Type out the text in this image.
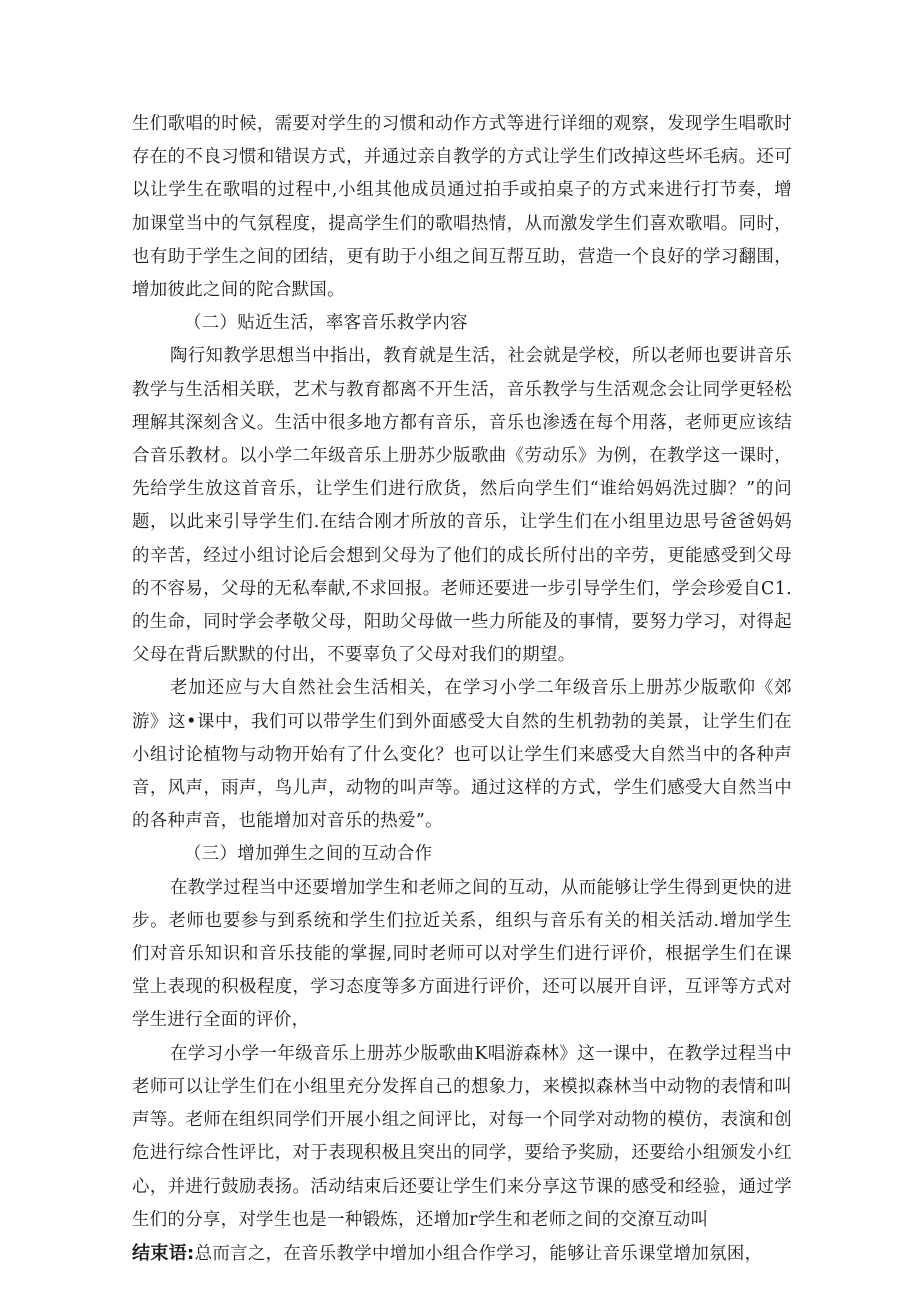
生们歌唱的时候，需要对学生的习惯和动作方式等进行详细的观察，发现学生唱歌时存在的不良习惯和错误方式，并通过亲自教学的方式让学生们改掉这些坏毛病。还可以让学生在歌唱的过程中,小组其他成员通过拍手或拍桌子的方式来进行打节奏，增加课堂当中的气氛程度，提高学生们的歌唱热情，从而激发学生们喜欢歌唱。同时，也有助于学生之间的团结，更有助于小组之间互帮互助，营造一个良好的学习翻围，增加彼此之间的陀合默国。

（二）贴近生活，率客音乐救学内容

陶行知教学思想当中指出，教育就是生活，社会就是学校，所以老师也要讲音乐教学与生活相关联，艺术与教育都离不开生活，音乐教学与生活观念会让同学更轻松理解其深刻含义。生活中很多地方都有音乐，音乐也渗透在每个用落，老师更应该结合音乐教材。以小学二年级音乐上册苏少版歌曲《劳动乐》为例，在教学这一课时，先给学生放这首音乐，让学生们进行欣货，然后向学生们“谁给妈妈洗过脚？”的问题，以此来引导学生们.在结合刚才所放的音乐，让学生们在小组里边思号爸爸妈妈的辛苦，经过小组讨论后会想到父母为了他们的成长所付出的辛劳，更能感受到父母的不容易，父母的无私奉献,不求回报。老师还要进一步引导学生们，学会珍爱自C1.的生命，同时学会孝敬父母，阳助父母做一些力所能及的事情，要努力学习，对得起父母在背后默默的付出，不要辜负了父母对我们的期望。

老加还应与大自然社会生活相关，在学习小学二年级音乐上册苏少版歌仰《郊游》这•课中，我们可以带学生们到外面感受大自然的生机勃勃的美景，让学生们在小组讨论植物与动物开始有了什么变化？也可以让学生们来感受大自然当中的各种声音，风声，雨声，鸟儿声，动物的叫声等。通过这样的方式，学生们感受大自然当中的各种声音，也能增加对音乐的热爱”。

（三）增加弹生之间的互动合作

在教学过程当中还要增加学生和老师之间的互动，从而能够让学生得到更快的进步。老师也要参与到系统和学生们拉近关系，组织与音乐有关的相关活动.增加学生们对音乐知识和音乐技能的掌握,同时老师可以对学生们进行评价，根据学生们在课堂上表现的积极程度，学习态度等多方面进行评价，还可以展开自评，互评等方式对学生进行全面的评价，

在学习小学一年级音乐上册苏少版歌曲K唱游森林》这一课中，在教学过程当中老师可以让学生们在小组里充分发挥自己的想象力，来模拟森林当中动物的表情和叫声等。老师在组织同学们开展小组之间评比，对每一个同学对动物的模仿，表演和创危进行综合性评比，对于表现积极且突出的同学，要给予奖励，还要给小组颁发小红心，并进行鼓励表扬。活动结束后还要让学生们来分享这节课的感受和经验，通过学生们的分享，对学生也是一种锻炼，还增加r学生和老师之间的交潦互动叫

结束语:总而言之，在音乐教学中增加小组合作学习，能够让音乐课堂增加氛困，
